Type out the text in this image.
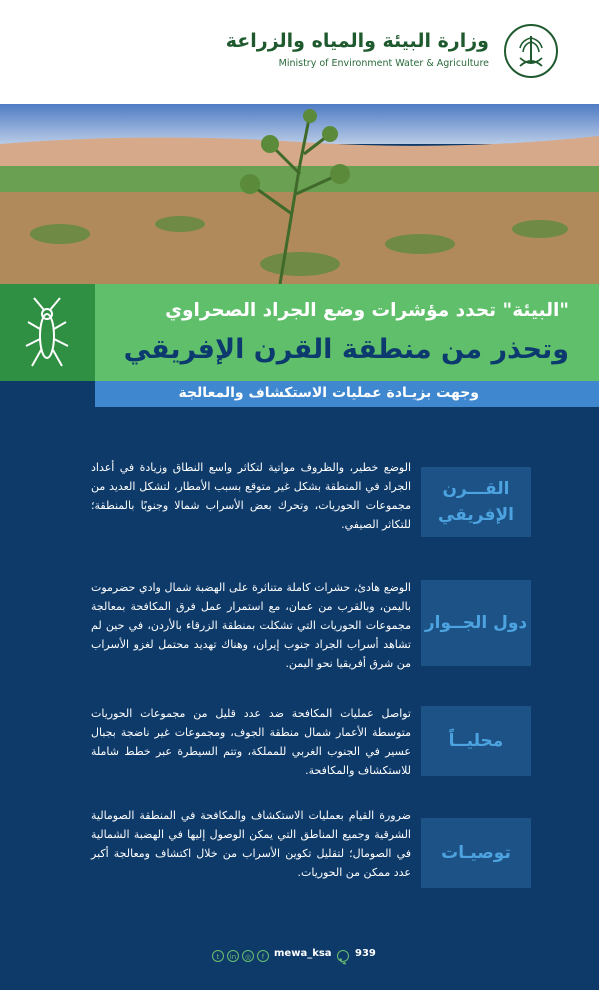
وزارة البيئة والمياه والزراعة
Ministry of Environment Water & Agriculture
"البيئة" تحدد مؤشرات وضع الجراد الصحراوي
وتحذر من منطقة القرن الإفريقي
وجهت بزيـادة عمليات الاستكشاف والمعالجة
القـــرن الإفريقي
الوضع خطير، والظروف مواتية لتكاثر واسع النطاق وزيادة في أعداد الجراد في المنطقة بشكل غير متوقع بسبب الأمطار، لتشكل العديد من مجموعات الحوريات، وتحرك بعض الأسراب شمالا وجنوبًا بالمنطقة؛ للتكاثر الصيفي.
دول الجــوار
الوضع هادئ، حشرات كاملة متناثرة على الهضبة شمال وادي حضرموت باليمن، وبالقرب من عمان، مع استمرار عمل فرق المكافحة بمعالجة مجموعات الحوريات التي تشكلت بمنطقة الزرقاء بالأردن، في حين لم تشاهد أسراب الجراد جنوب إيران، وهناك تهديد محتمل لغزو الأسراب من شرق أفريقيا نحو اليمن.
محليــاً
تواصل عمليات المكافحة ضد عدد قليل من مجموعات الحوريات متوسطة الأعمار شمال منطقة الجوف، ومجموعات غير ناضجة بجبال عسير في الجنوب الغربي للمملكة، وتتم السيطرة عبر خطط شاملة للاستكشاف والمكافحة.
توصيـات
ضرورة القيام بعمليات الاستكشاف والمكافحة في المنطقة الصومالية الشرقية وجميع المناطق التي يمكن الوصول إليها في الهضبة الشمالية في الصومال؛ لتقليل تكوين الأسراب من خلال اكتشاف ومعالجة أكبر عدد ممكن من الحوريات.
t	in	◎	f mewa_ksa 939
